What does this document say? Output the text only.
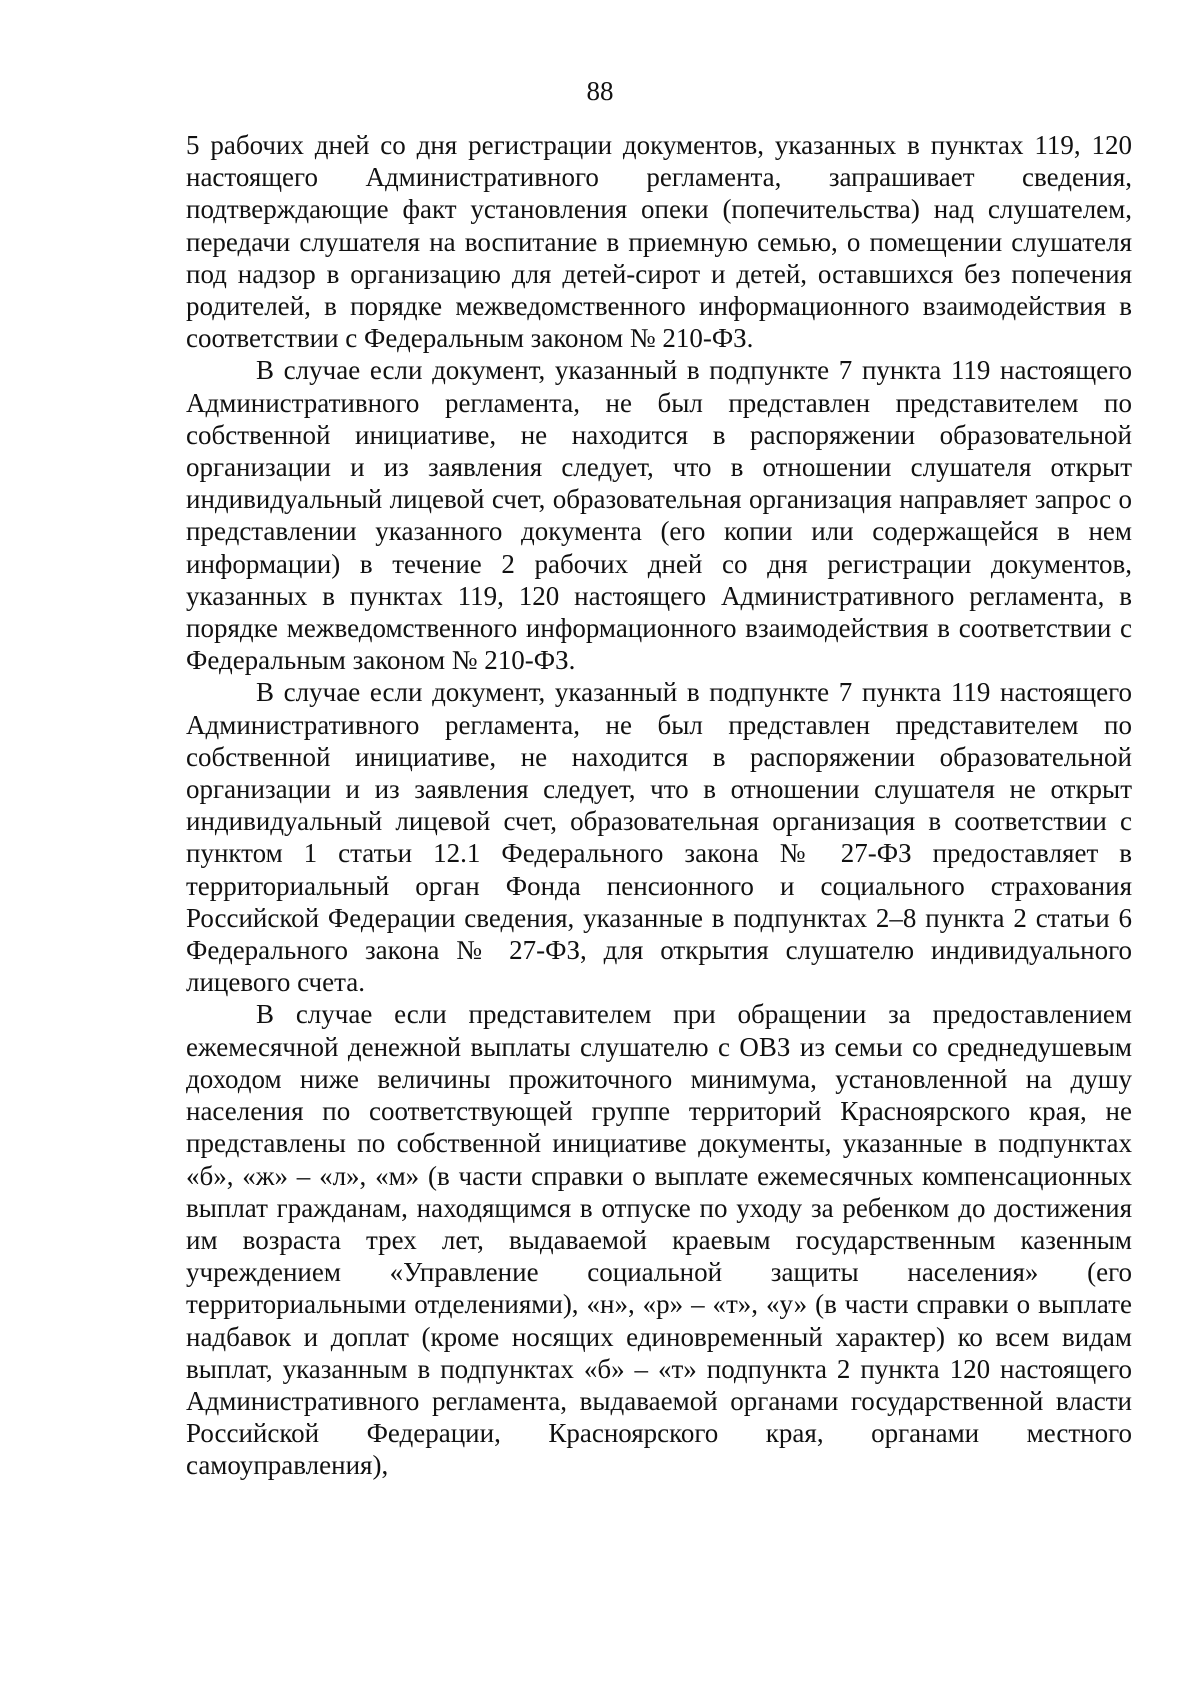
88

5 рабочих дней со дня регистрации документов, указанных в пунктах 119, 120 настоящего Административного регламента, запрашивает сведения, подтверждающие факт установления опеки (попечительства) над слушателем, передачи слушателя на воспитание в приемную семью, о помещении слушателя под надзор в организацию для детей-сирот и детей, оставшихся без попечения родителей, в порядке межведомственного информационного взаимодействия в соответствии с Федеральным законом № 210-ФЗ.

В случае если документ, указанный в подпункте 7 пункта 119 настоящего Административного регламента, не был представлен представителем по собственной инициативе, не находится в распоряжении образовательной организации и из заявления следует, что в отношении слушателя открыт индивидуальный лицевой счет, образовательная организация направляет запрос о представлении указанного документа (его копии или содержащейся в нем информации) в течение 2 рабочих дней со дня регистрации документов, указанных в пунктах 119, 120 настоящего Административного регламента, в порядке межведомственного информационного взаимодействия в соответствии с Федеральным законом № 210-ФЗ.

В случае если документ, указанный в подпункте 7 пункта 119 настоящего Административного регламента, не был представлен представителем по собственной инициативе, не находится в распоряжении образовательной организации и из заявления следует, что в отношении слушателя не открыт индивидуальный лицевой счет, образовательная организация в соответствии с пунктом 1 статьи 12.1 Федерального закона № 27-ФЗ предоставляет в территориальный орган Фонда пенсионного и социального страхования Российской Федерации сведения, указанные в подпунктах 2–8 пункта 2 статьи 6 Федерального закона № 27-ФЗ, для открытия слушателю индивидуального лицевого счета.

В случае если представителем при обращении за предоставлением ежемесячной денежной выплаты слушателю с ОВЗ из семьи со среднедушевым доходом ниже величины прожиточного минимума, установленной на душу населения по соответствующей группе территорий Красноярского края, не представлены по собственной инициативе документы, указанные в подпунктах «б», «ж» – «л», «м» (в части справки о выплате ежемесячных компенсационных выплат гражданам, находящимся в отпуске по уходу за ребенком до достижения им возраста трех лет, выдаваемой краевым государственным казенным учреждением «Управление социальной защиты населения» (его территориальными отделениями), «н», «р» – «т», «у» (в части справки о выплате надбавок и доплат (кроме носящих единовременный характер) ко всем видам выплат, указанным в подпунктах «б» – «т» подпункта 2 пункта 120 настоящего Административного регламента, выдаваемой органами государственной власти Российской Федерации, Красноярского края, органами местного самоуправления),
